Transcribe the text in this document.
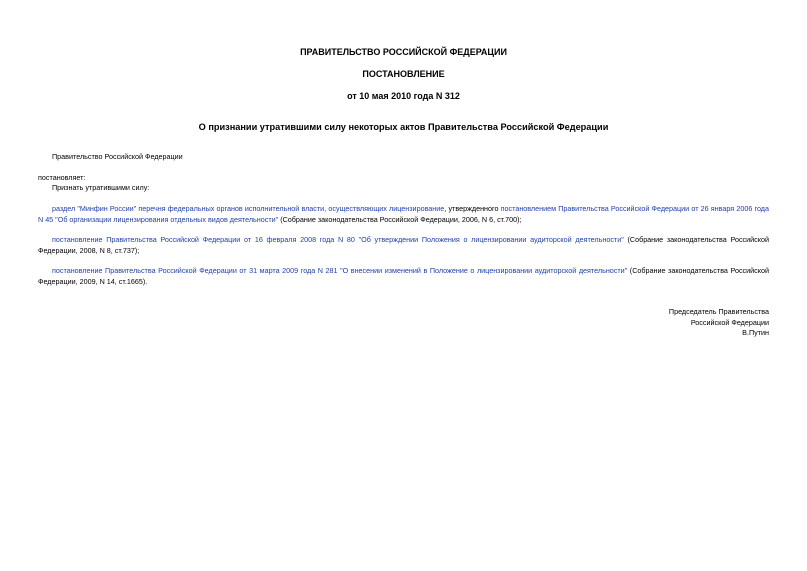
ПРАВИТЕЛЬСТВО РОССИЙСКОЙ ФЕДЕРАЦИИ
ПОСТАНОВЛЕНИЕ
от 10 мая 2010 года N 312
О признании утратившими силу некоторых актов Правительства Российской Федерации
Правительство Российской Федерации
постановляет:
Признать утратившими силу:
раздел "Минфин России" перечня федеральных органов исполнительной власти, осуществляющих лицензирование, утвержденного постановлением Правительства Российской Федерации от 26 января 2006 года N 45 "Об организации лицензирования отдельных видов деятельности" (Собрание законодательства Российской Федерации, 2006, N 6, ст.700);
постановление Правительства Российской Федерации от 16 февраля 2008 года N 80 "Об утверждении Положения о лицензировании аудиторской деятельности" (Собрание законодательства Российской Федерации, 2008, N 8, ст.737);
постановление Правительства Российской Федерации от 31 марта 2009 года N 281 "О внесении изменений в Положение о лицензировании аудиторской деятельности" (Собрание законодательства Российской Федерации, 2009, N 14, ст.1665).
Председатель Правительства
Российской Федерации
В.Путин
